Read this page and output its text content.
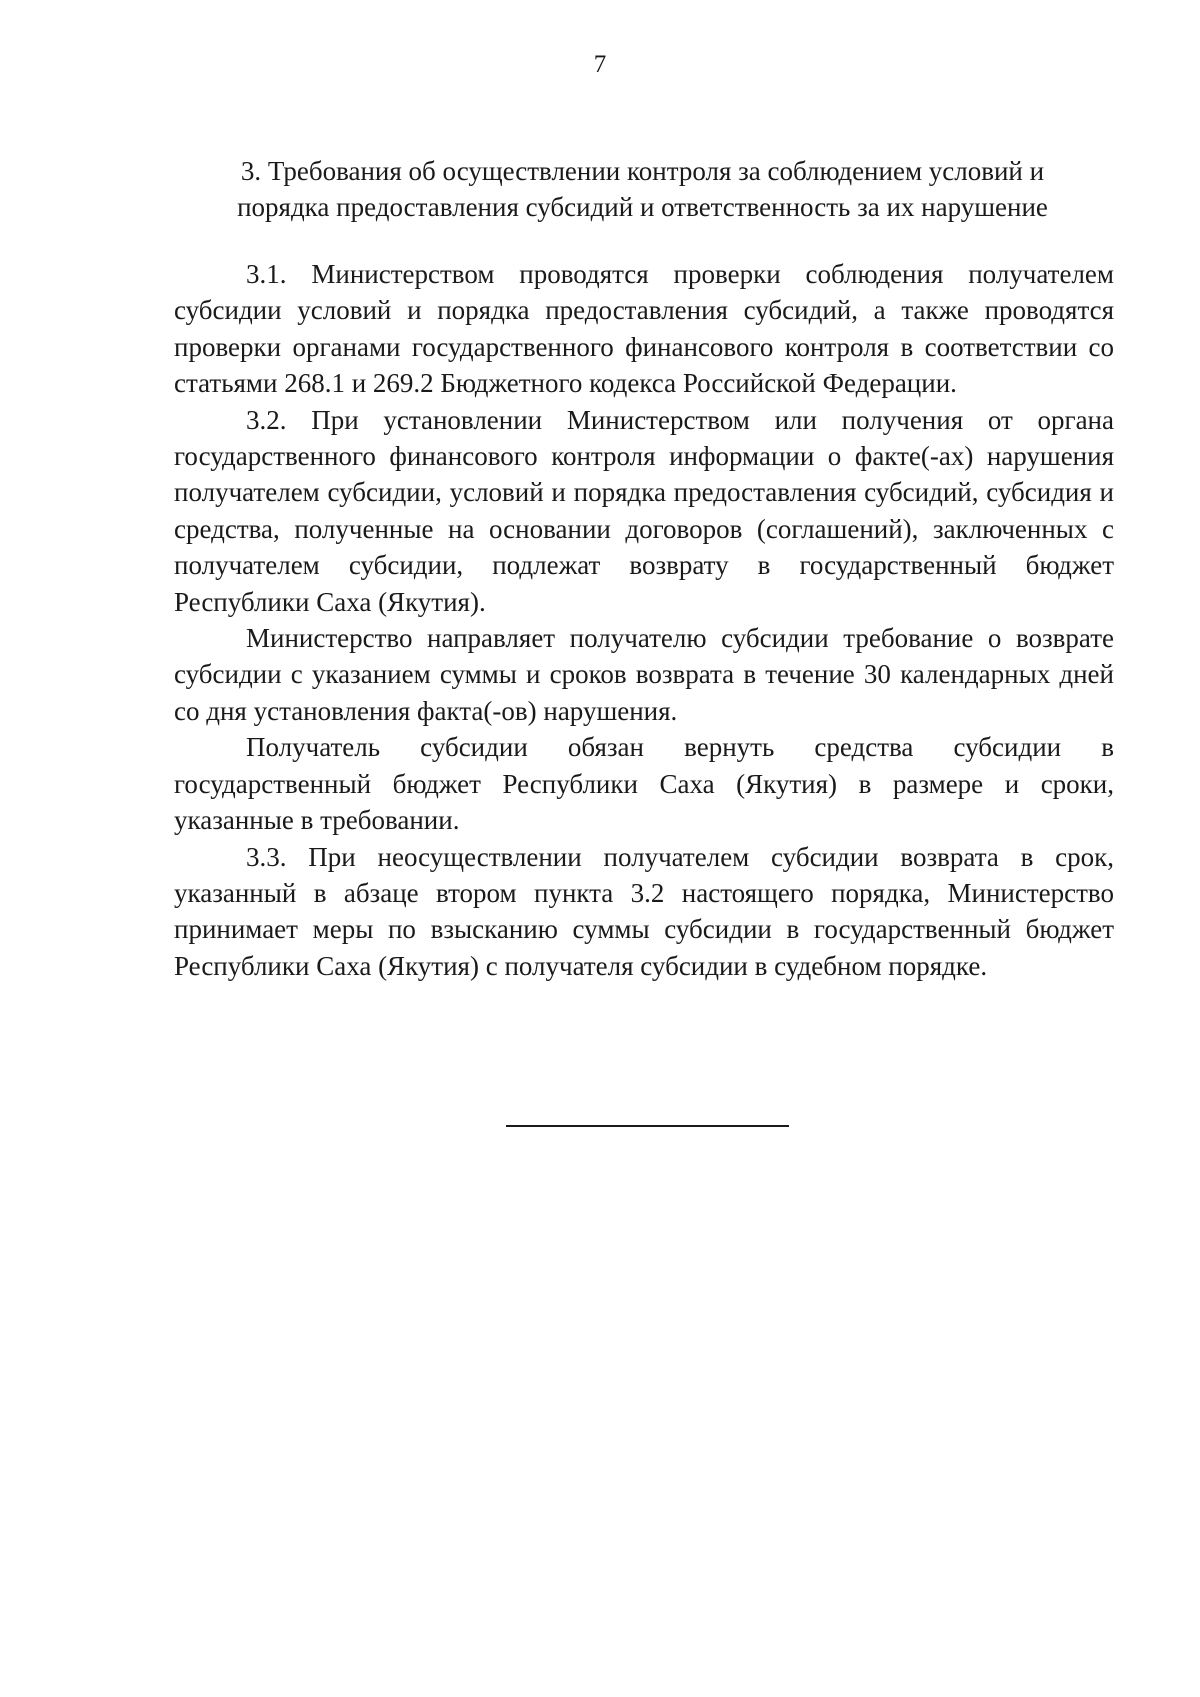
7
3. Требования об осуществлении контроля за соблюдением условий и
порядка предоставления субсидий и ответственность за их нарушение

3.1. Министерством проводятся проверки соблюдения получателем субсидии условий и порядка предоставления субсидий, а также проводятся проверки органами государственного финансового контроля в соответствии со статьями 268.1 и 269.2 Бюджетного кодекса Российской Федерации.

3.2. При установлении Министерством или получения от органа государственного финансового контроля информации о факте(-ах) нарушения получателем субсидии, условий и порядка предоставления субсидий, субсидия и средства, полученные на основании договоров (соглашений), заключенных с получателем субсидии, подлежат возврату в государственный бюджет Республики Саха (Якутия).

Министерство направляет получателю субсидии требование о возврате субсидии с указанием суммы и сроков возврата в течение 30 календарных дней со дня установления факта(-ов) нарушения.

Получатель субсидии обязан вернуть средства субсидии в государственный бюджет Республики Саха (Якутия) в размере и сроки, указанные в требовании.

3.3. При неосуществлении получателем субсидии возврата в срок, указанный в абзаце втором пункта 3.2 настоящего порядка, Министерство принимает меры по взысканию суммы субсидии в государственный бюджет Республики Саха (Якутия) с получателя субсидии в судебном порядке.
